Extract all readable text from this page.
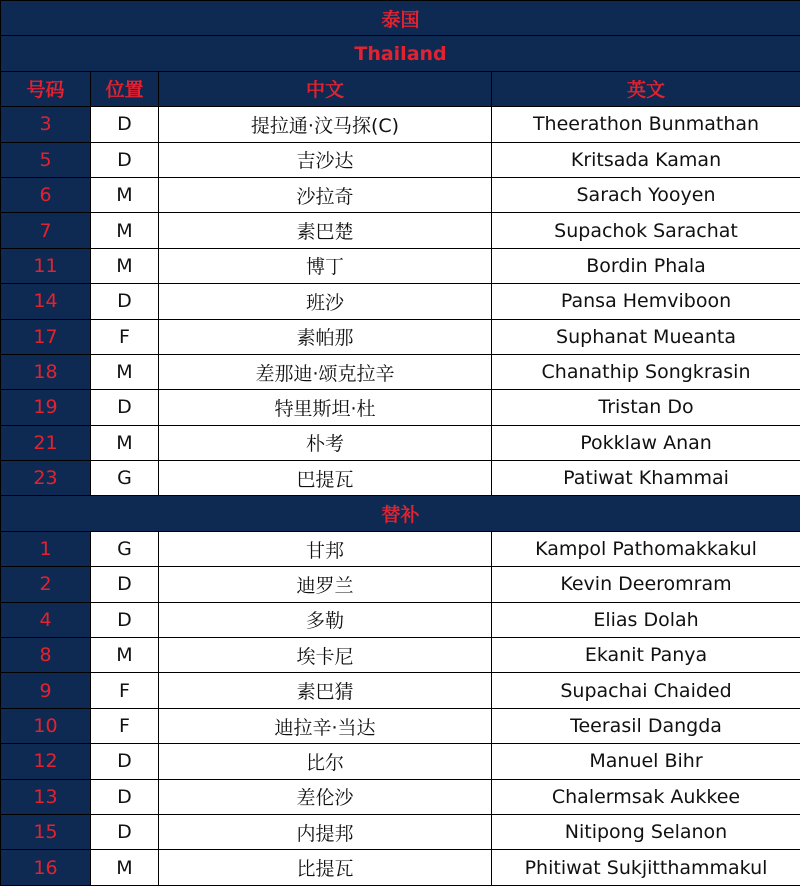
泰国			
Thailand			
号码	位置	中文	英文
3	D	提拉通·汶马探(C)	Theerathon Bunmathan
5	D	吉沙达	Kritsada Kaman
6	M	沙拉奇	Sarach Yooyen
7	M	素巴楚	Supachok Sarachat
11	M	博丁	Bordin Phala
14	D	班沙	Pansa Hemviboon
17	F	素帕那	Suphanat Mueanta
18	M	差那迪·颂克拉辛	Chanathip Songkrasin
19	D	特里斯坦·杜	Tristan Do
21	M	朴考	Pokklaw Anan
23	G	巴提瓦	Patiwat Khammai
替补			
1	G	甘邦	Kampol Pathomakkakul
2	D	迪罗兰	Kevin Deeromram
4	D	多勒	Elias Dolah
8	M	埃卡尼	Ekanit Panya
9	F	素巴猜	Supachai Chaided
10	F	迪拉辛·当达	Teerasil Dangda
12	D	比尔	Manuel Bihr
13	D	差伦沙	Chalermsak Aukkee
15	D	内提邦	Nitipong Selanon
16	M	比提瓦	Phitiwat Sukjitthammakul
